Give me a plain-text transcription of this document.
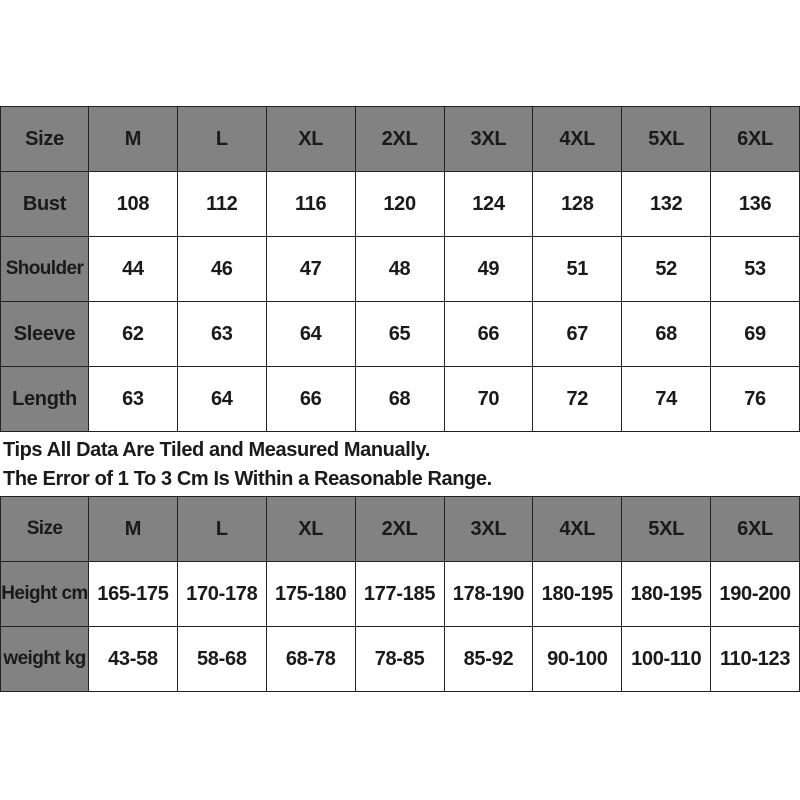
Size	M	L	XL	2XL	3XL	4XL	5XL	6XL
Bust	108	112	116	120	124	128	132	136
Shoulder	44	46	47	48	49	51	52	53
Sleeve	62	63	64	65	66	67	68	69
Length	63	64	66	68	70	72	74	76
Tips All Data Are Tiled and Measured Manually.
The Error of 1 To 3 Cm Is Within a Reasonable Range.
Size	M	L	XL	2XL	3XL	4XL	5XL	6XL
Height cm	165-175	170-178	175-180	177-185	178-190	180-195	180-195	190-200
weight kg	43-58	58-68	68-78	78-85	85-92	90-100	100-110	110-123
